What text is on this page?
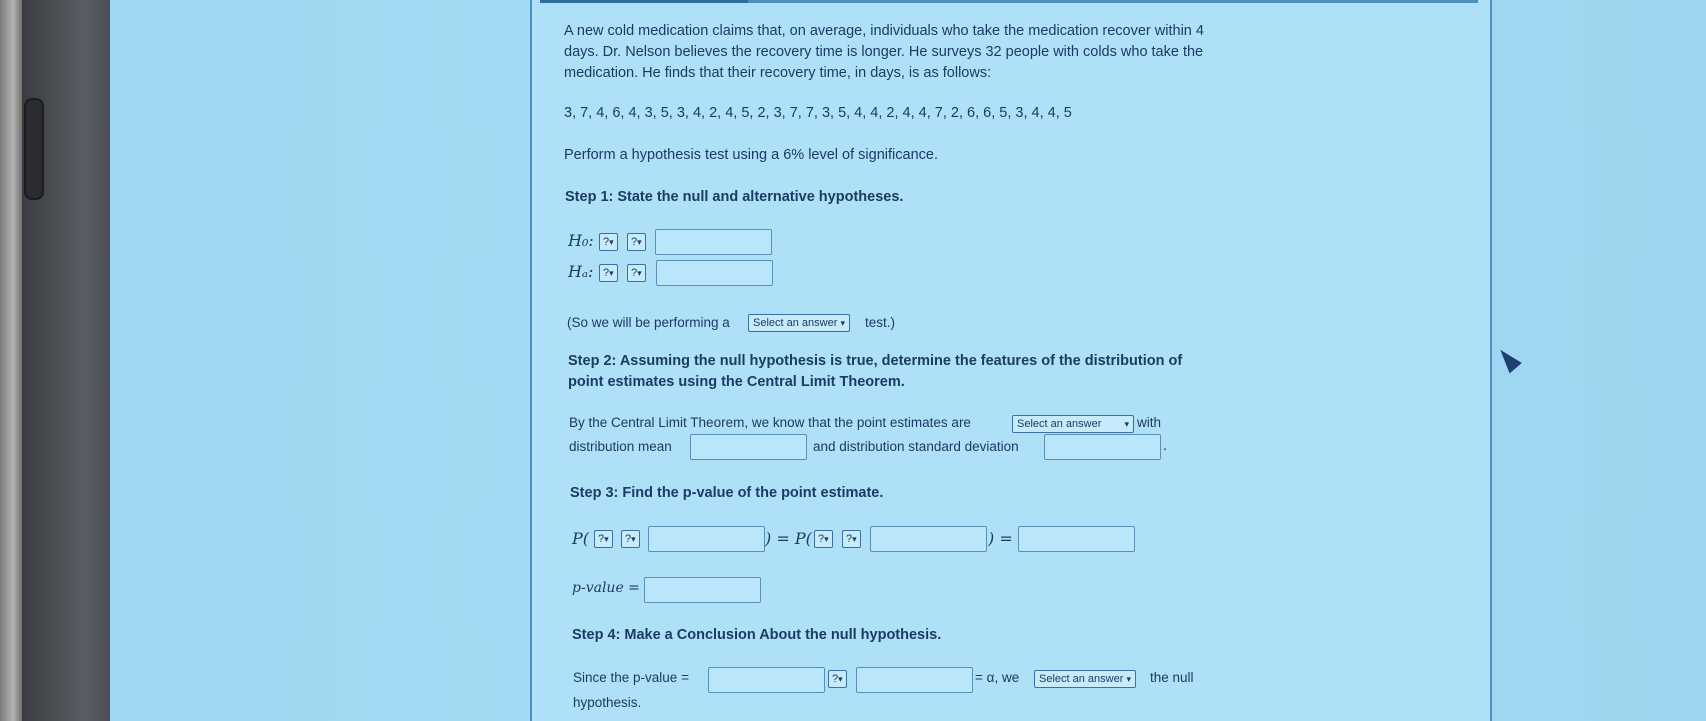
A new cold medication claims that, on average, individuals who take the medication recover within 4
days. Dr. Nelson believes the recovery time is longer. He surveys 32 people with colds who take the
medication. He finds that their recovery time, in days, is as follows:
3, 7, 4, 6, 4, 3, 5, 3, 4, 2, 4, 5, 2, 3, 7, 7, 3, 5, 4, 4, 2, 4, 4, 7, 2, 6, 6, 5, 3, 4, 4, 5
Perform a hypothesis test using a 6% level of significance.
Step 1: State the null and alternative hypotheses.
H₀: ?▾	?▾
Hₐ: ?▾	?▾
(So we will be performing a	Select an answer ▾	test.)
Step 2: Assuming the null hypothesis is true, determine the features of the distribution of
point estimates using the Central Limit Theorem.
By the Central Limit Theorem, we know that the point estimates are	Select an answer	▾ with
distribution mean	and distribution standard deviation	.
Step 3: Find the p-value of the point estimate.
P( ?▾	?▾	) = P( ?▾	?▾	) =
p-value =
Step 4: Make a Conclusion About the null hypothesis.
Since the p-value =	?▾	= α, we	Select an answer ▾	the null
hypothesis.
